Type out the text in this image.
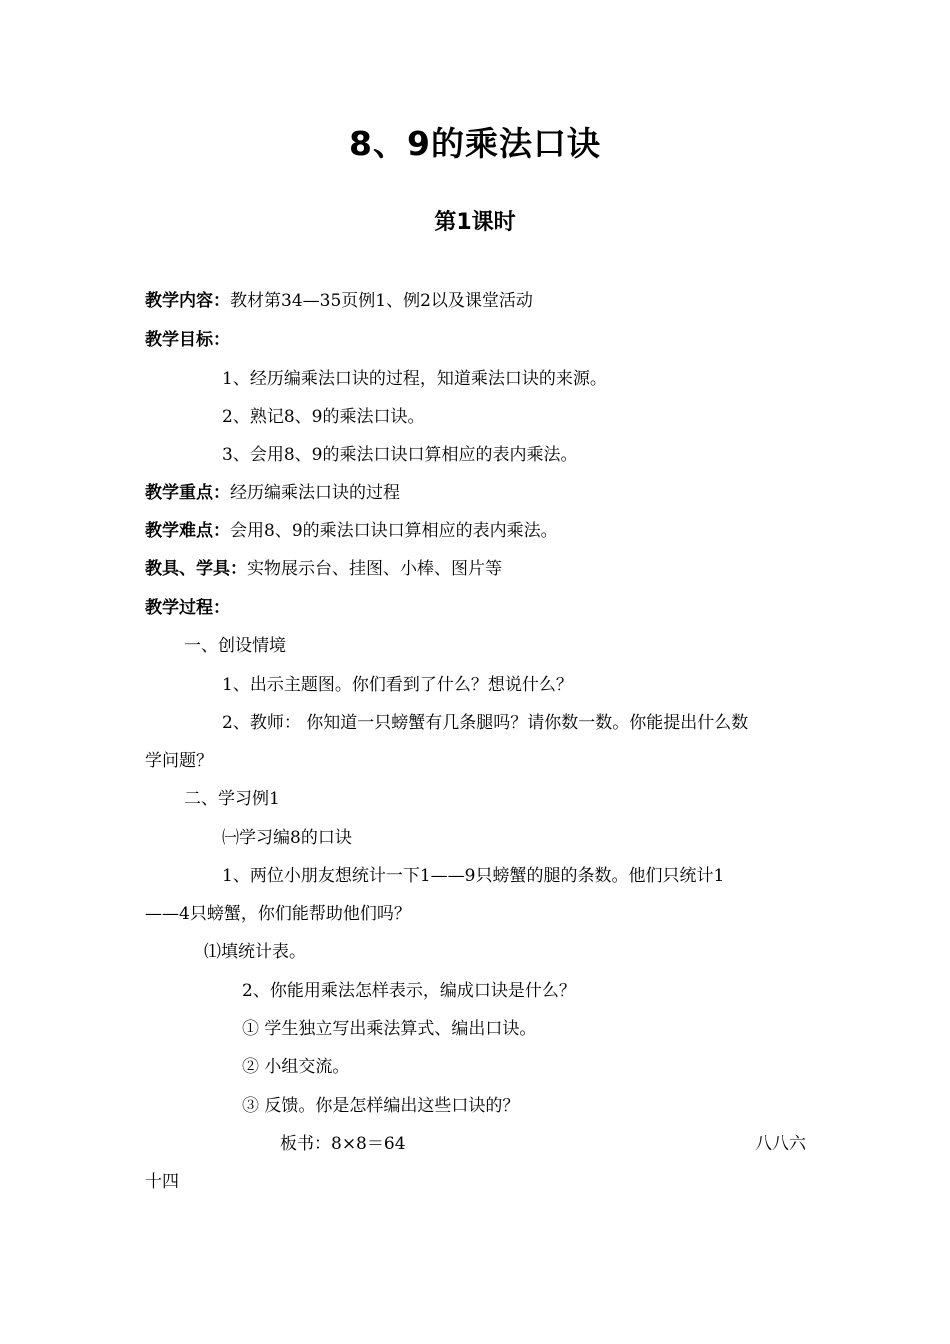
8、9的乘法口诀
第1课时
教学内容：教材第34—35页例1、例2以及课堂活动
教学目标：
1、经历编乘法口诀的过程，知道乘法口诀的来源。
2、熟记8、9的乘法口诀。
3、会用8、9的乘法口诀口算相应的表内乘法。
教学重点：经历编乘法口诀的过程
教学难点：会用8、9的乘法口诀口算相应的表内乘法。
教具、学具：实物展示台、挂图、小棒、图片等
教学过程：
一、创设情境
1、出示主题图。你们看到了什么？想说什么？
2、教师： 你知道一只螃蟹有几条腿吗？请你数一数。你能提出什么数
学问题？
二、学习例1
㈠学习编8的口诀
1、两位小朋友想统计一下1——9只螃蟹的腿的条数。他们只统计1
——4只螃蟹，你们能帮助他们吗？
⑴填统计表。
2、你能用乘法怎样表示，编成口诀是什么？
① 学生独立写出乘法算式、编出口诀。
② 小组交流。
③ 反馈。你是怎样编出这些口诀的？
板书：8×8＝64	八八六
十四
